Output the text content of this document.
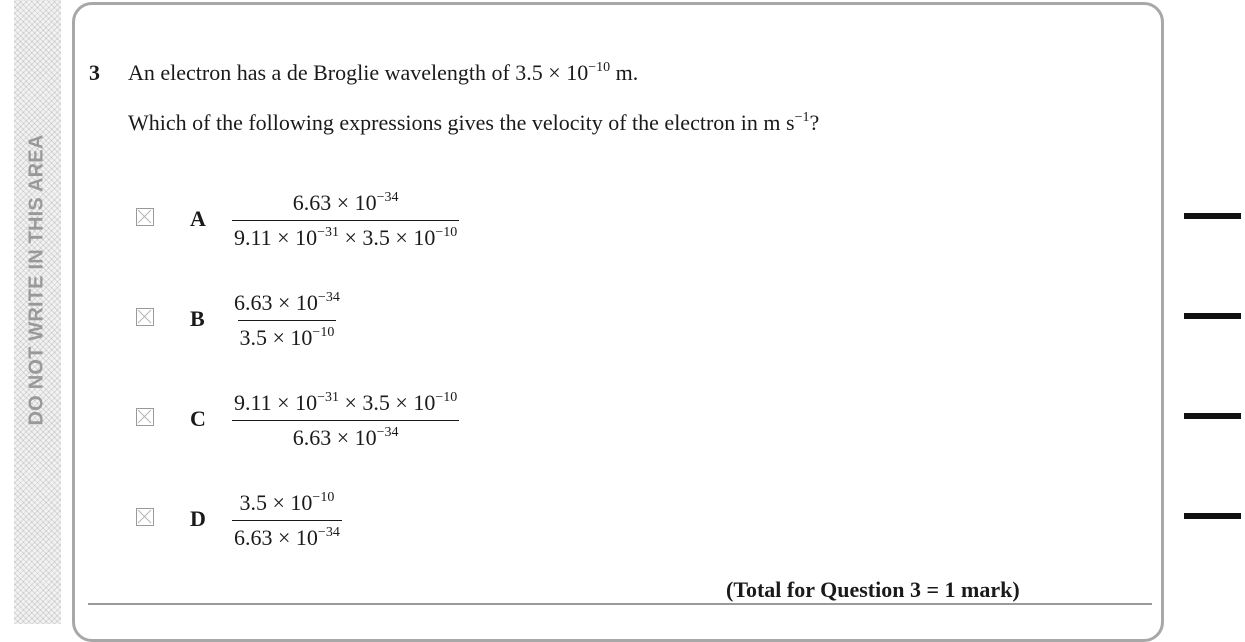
DO NOT WRITE IN THIS AREA
3 An electron has a de Broglie wavelength of $3.5 \times 10^{-10}$ m.
Which of the following expressions gives the velocity of the electron in m $s^{-1}$?
A $\frac{6.63 \times 10^{-34}}{9.11 \times 10^{-31} \times 3.5 \times 10^{-10}}$
B $\frac{6.63 \times 10^{-34}}{3.5 \times 10^{-10}}$
C $\frac{9.11 \times 10^{-31} \times 3.5 \times 10^{-10}}{6.63 \times 10^{-34}}$
D $\frac{3.5 \times 10^{-10}}{6.63 \times 10^{-34}}$
(Total for Question 3 = 1 mark)
